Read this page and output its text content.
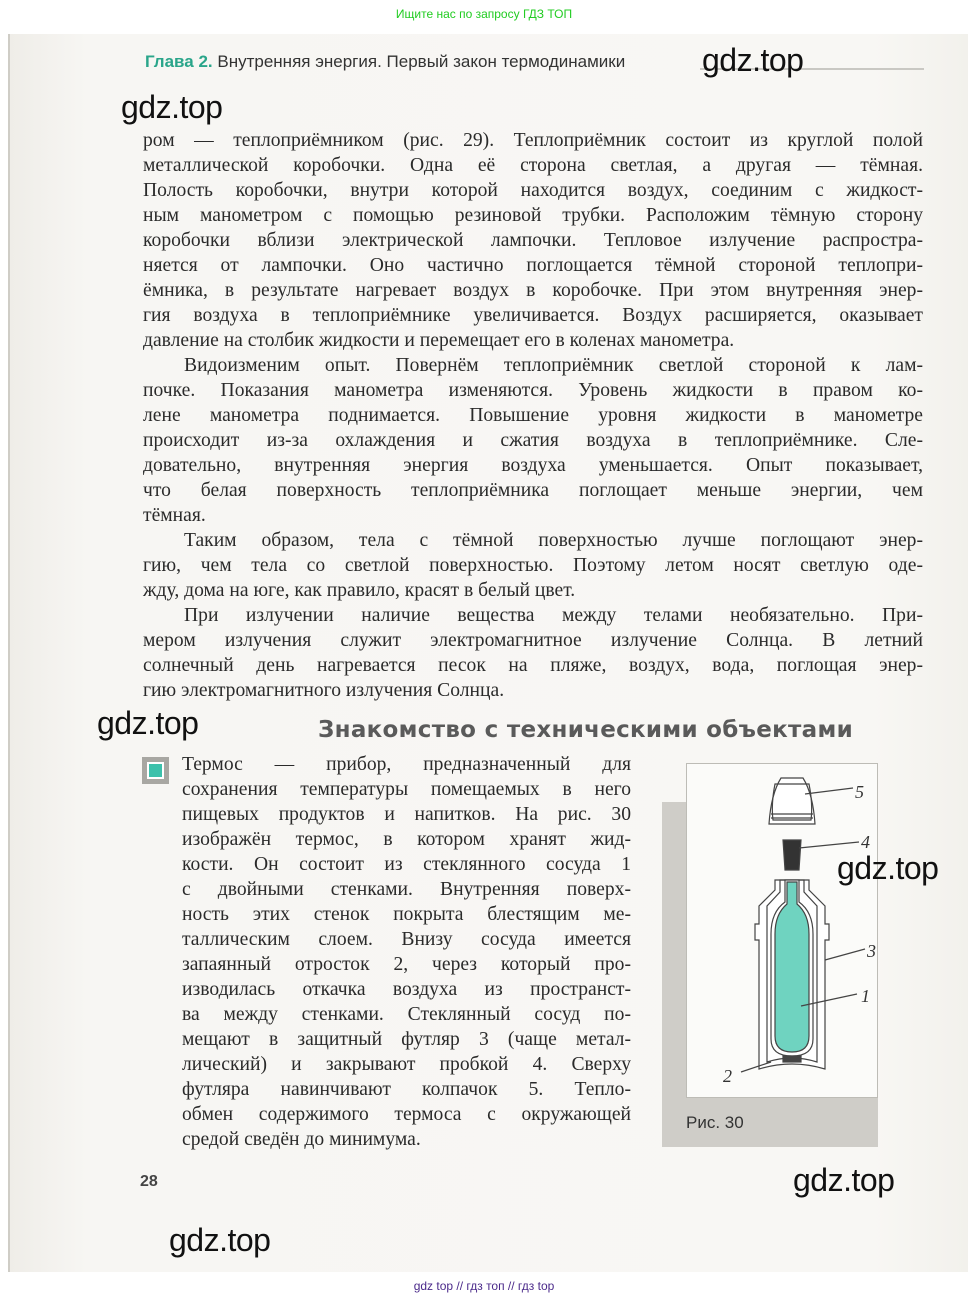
Ищите нас по запросу ГДЗ ТОП
Глава 2. Внутренняя энергия. Первый закон термодинамики
ром — теплоприёмником (рис. 29). Теплоприёмник состоит из круглой полой
металлической коробочки. Одна её сторона светлая, а другая — тёмная.
Полость коробочки, внутри которой находится воздух, соединим с жидкост-
ным манометром с помощью резиновой трубки. Расположим тёмную сторону
коробочки вблизи электрической лампочки. Тепловое излучение распростра-
няется от лампочки. Оно частично поглощается тёмной стороной теплопри-
ёмника, в результате нагревает воздух в коробочке. При этом внутренняя энер-
гия воздуха в теплоприёмнике увеличивается. Воздух расширяется, оказывает
давление на столбик жидкости и перемещает его в коленах манометра.
Видоизменим опыт. Повернём теплоприёмник светлой стороной к лам-
почке. Показания манометра изменяются. Уровень жидкости в правом ко-
лене манометра поднимается. Повышение уровня жидкости в манометре
происходит из-за охлаждения и сжатия воздуха в теплоприёмнике. Сле-
довательно, внутренняя энергия воздуха уменьшается. Опыт показывает,
что белая поверхность теплоприёмника поглощает меньше энергии, чем
тёмная.
Таким образом, тела с тёмной поверхностью лучше поглощают энер-
гию, чем тела со светлой поверхностью. Поэтому летом носят светлую оде-
жду, дома на юге, как правило, красят в белый цвет.
При излучении наличие вещества между телами необязательно. При-
мером излучения служит электромагнитное излучение Солнца. В летний
солнечный день нагревается песок на пляже, воздух, вода, поглощая энер-
гию электромагнитного излучения Солнца.
Знакомство с техническими объектами
Термос — прибор, предназначенный для
сохранения температуры помещаемых в него
пищевых продуктов и напитков. На рис. 30
изображён термос, в котором хранят жид-
кости. Он состоит из стеклянного сосуда 1
с двойными стенками. Внутренняя поверх-
ность этих стенок покрыта блестящим ме-
таллическим слоем. Внизу сосуда имеется
запаянный отросток 2, через который про-
изводилась откачка воздуха из пространст-
ва между стенками. Стеклянный сосуд по-
мещают в защитный футляр 3 (чаще метал-
лический) и закрывают пробкой 4. Сверху
футляра навинчивают колпачок 5. Тепло-
обмен содержимого термоса с окружающей
средой сведён до минимума.
5
4
3
1
2
Рис. 30
28
gdz.top
gdz.top
gdz.top
gdz.top
gdz.top
gdz.top
gdz top // гдз топ // гдз top
